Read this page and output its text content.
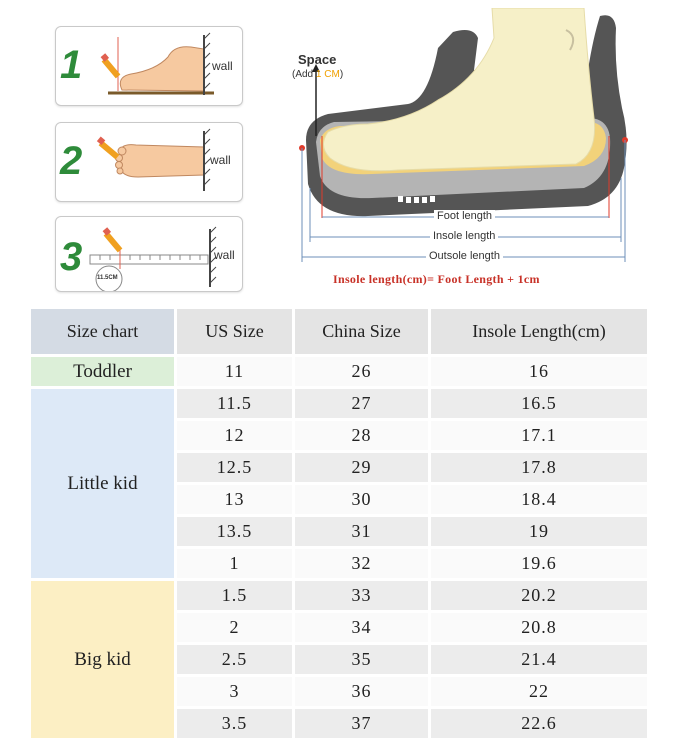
1	wall
2	wall
3	wall
11.5CM
Foot length
Insole length
Outsole length
Space
(Add 1 CM)
Insole length(cm)= Foot Length + 1cm
Size chart	US Size	China Size	Insole Length(cm)
Toddler	11	26	16
Little kid	11.5	27	16.5
	12	28	17.1
	12.5	29	17.8
	13	30	18.4
	13.5	31	19
	1	32	19.6
Big kid	1.5	33	20.2
	2	34	20.8
	2.5	35	21.4
	3	36	22
	3.5	37	22.6
